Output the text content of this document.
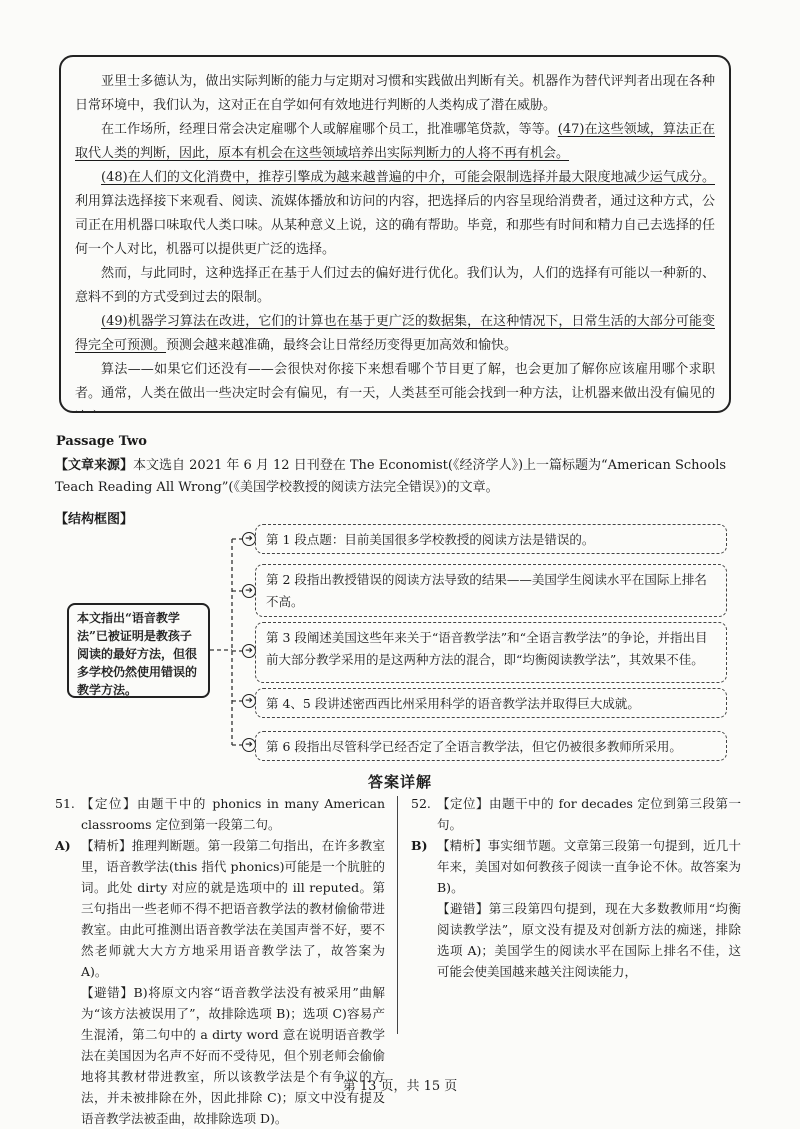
亚里士多德认为，做出实际判断的能力与定期对习惯和实践做出判断有关。机器作为替代评判者出现在各种日常环境中，我们认为，这对正在自学如何有效地进行判断的人类构成了潜在威胁。

在工作场所，经理日常会决定雇哪个人或解雇哪个员工，批准哪笔贷款，等等。(47)在这些领域，算法正在取代人类的判断，因此，原本有机会在这些领域培养出实际判断力的人将不再有机会。

(48)在人们的文化消费中，推荐引擎成为越来越普遍的中介，可能会限制选择并最大限度地减少运气成分。利用算法选择接下来观看、阅读、流媒体播放和访问的内容，把选择后的内容呈现给消费者，通过这种方式，公司正在用机器口味取代人类口味。从某种意义上说，这的确有帮助。毕竟，和那些有时间和精力自己去选择的任何一个人对比，机器可以提供更广泛的选择。

然而，与此同时，这种选择正在基于人们过去的偏好进行优化。我们认为，人们的选择有可能以一种新的、意料不到的方式受到过去的限制。

(49)机器学习算法在改进，它们的计算也在基于更广泛的数据集，在这种情况下，日常生活的大部分可能变得完全可预测。预测会越来越准确，最终会让日常经历变得更加高效和愉快。

算法——如果它们还没有——会很快对你接下来想看哪个节目更了解，也会更加了解你应该雇用哪个求职者。通常，人类在做出一些决定时会有偏见，有一天，人类甚至可能会找到一种方法，让机器来做出没有偏见的

Passage Two
【文章来源】本文选自 2021 年 6 月 12 日刊登在 The Economist(《经济学人》)上一篇标题为“American Schools Teach Reading All Wrong”(《美国学校教授的阅读方法完全错误》)的文章。
【结构框图】
本文指出“语音教学法”已被证明是教孩子阅读的最好方法，但很多学校仍然使用错误的教学方法。
➔
➔
➔
➔
➔
第 1 段点题：目前美国很多学校教授的阅读方法是错误的。
第 2 段指出教授错误的阅读方法导致的结果——美国学生阅读水平在国际上排名不高。
第 3 段阐述美国这些年来关于“语音教学法”和“全语言教学法”的争论，并指出目前大部分教学采用的是这两种方法的混合，即“均衡阅读教学法”，其效果不佳。
第 4、5 段讲述密西西比州采用科学的语音教学法并取得巨大成就。
第 6 段指出尽管科学已经否定了全语言教学法，但它仍被很多教师所采用。
答案详解
51. 【定位】由题干中的 phonics in many American classrooms 定位到第一段第二句。
A) 【精析】推理判断题。第一段第二句指出，在许多教室里，语音教学法(this 指代 phonics)可能是一个肮脏的词。此处 dirty 对应的就是选项中的 ill reputed。第三句指出一些老师不得不把语音教学法的教材偷偷带进教室。由此可推测出语音教学法在美国声誉不好，要不然老师就大大方方地采用语音教学法了，故答案为 A)。
【避错】B)将原文内容“语音教学法没有被采用”曲解为“该方法被误用了”，故排除选项 B)；选项 C)容易产生混淆，第二句中的 a dirty word 意在说明语音教学法在美国因为名声不好而不受待见，但个别老师会偷偷地将其教材带进教室，所以该教学法是个有争议的方法，并未被排除在外，因此排除 C)；原文中没有提及语音教学法被歪曲，故排除选项 D)。
52. 【定位】由题干中的 for decades 定位到第三段第一句。
B) 【精析】事实细节题。文章第三段第一句提到，近几十年来，美国对如何教孩子阅读一直争论不休。故答案为 B)。
【避错】第三段第四句提到，现在大多数教师用“均衡阅读教学法”，原文没有提及对创新方法的痴迷，排除选项 A)；美国学生的阅读水平在国际上排名不佳，这可能会使美国越来越关注阅读能力，
第 13 页，共 15 页
